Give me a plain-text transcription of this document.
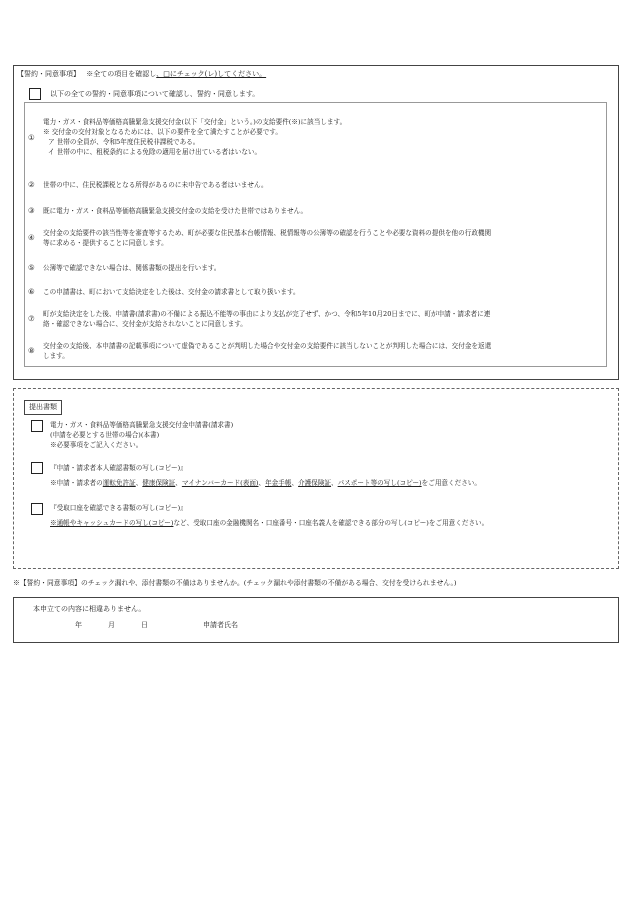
【誓約・同意事項】 ※全ての項目を確認し、□にチェック(レ)してください。
以下の全ての誓約・同意事項について確認し、誓約・同意します。
①
電力・ガス・食料品等価格高騰緊急支援交付金(以下「交付金」という。)の支給要件(※)に該当します。
※ 交付金の交付対象となるためには、以下の要件を全て満たすことが必要です。
ア 世帯の全員が、令和5年度住民税非課税である。
イ 世帯の中に、租税条約による免除の適用を届け出ている者はいない。
② 世帯の中に、住民税課税となる所得があるのに未申告である者はいません。
③ 既に電力・ガス・食料品等価格高騰緊急支援交付金の支給を受けた世帯ではありません。
④ 交付金の支給要件の該当性等を審査等するため、町が必要な住民基本台帳情報、税情報等の公簿等の確認を行うことや必要な資料の提供を他の行政機関
等に求める・提供することに同意します。
⑤ 公簿等で確認できない場合は、関係書類の提出を行います。
⑥ この申請書は、町において支給決定をした後は、交付金の請求書として取り扱います。
⑦ 町が支給決定をした後、申請書(請求書)の不備による振込不能等の事由により支払が完了せず、かつ、令和5年10月20日までに、町が申請・請求者に連
絡・確認できない場合に、交付金が支給されないことに同意します。
⑧ 交付金の支給後、本申請書の記載事項について虚偽であることが判明した場合や交付金の支給要件に該当しないことが判明した場合には、交付金を返還
します。
提出書類
電力・ガス・食料品等価格高騰緊急支援交付金申請書(請求書)
(申請を必要とする世帯の場合)(本書)
※必要事項をご記入ください。
『申請・請求者本人確認書類の写し(コピー)』
※申請・請求者の運転免許証、健康保険証、マイナンバーカード(表面)、年金手帳、介護保険証、パスポート等の写し(コピー)をご用意ください。
『受取口座を確認できる書類の写し(コピー)』
※通帳やキャッシュカードの写し(コピー)など、受取口座の金融機関名・口座番号・口座名義人を確認できる部分の写し(コピー)をご用意ください。
※【誓約・同意事項】のチェック漏れや、添付書類の不備はありませんか。(チェック漏れや添付書類の不備がある場合、交付を受けられません。)
本申立ての内容に相違ありません。
年	月	日	申請者氏名
